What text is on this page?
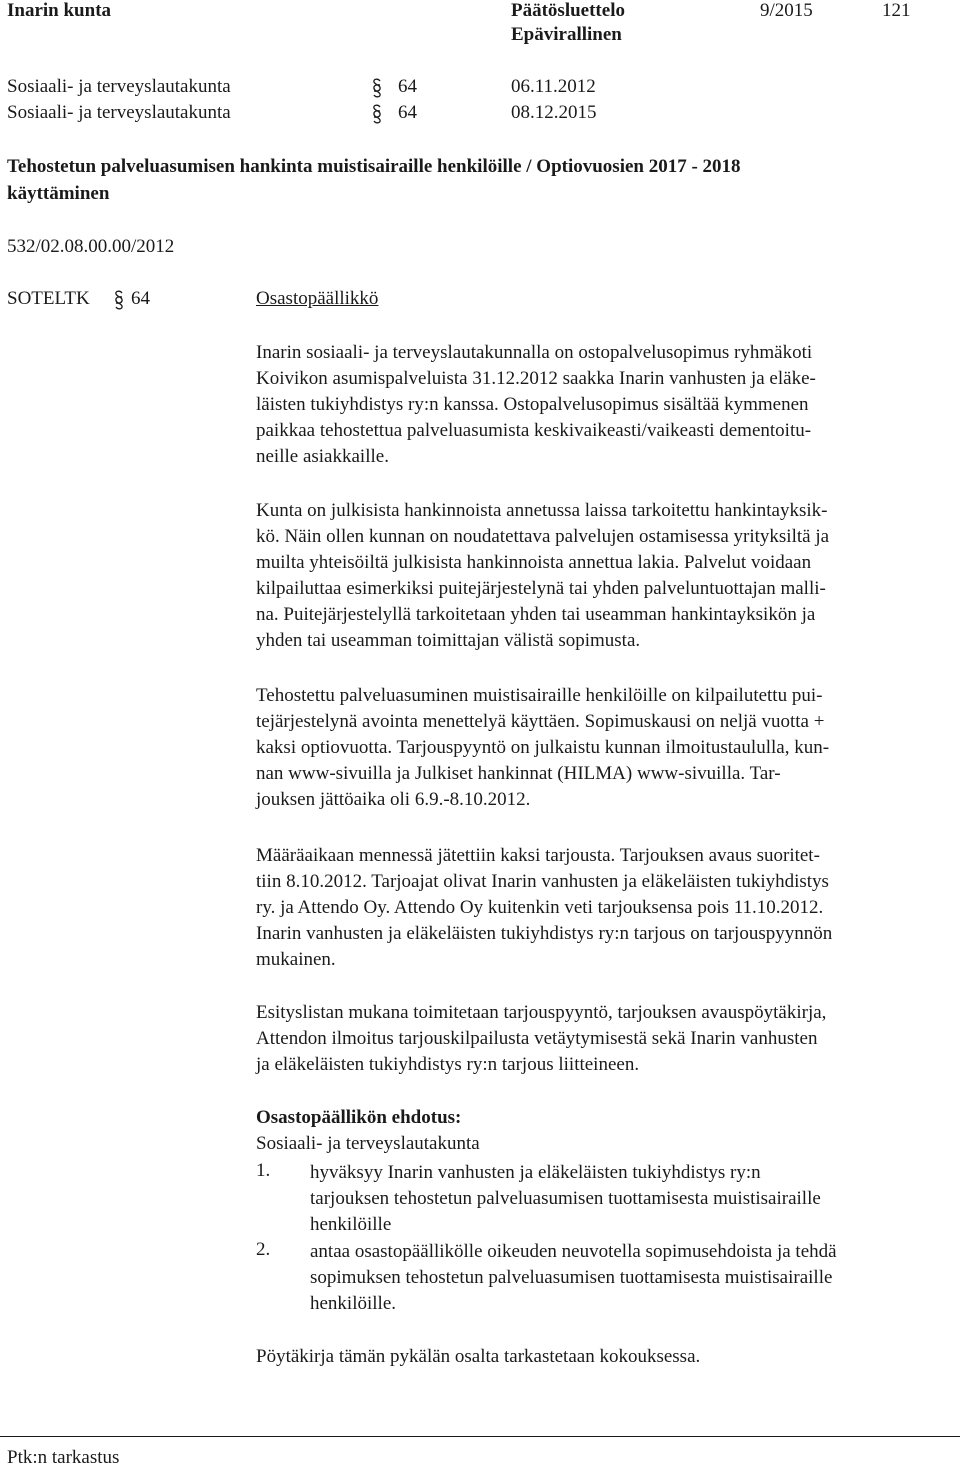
Inarin kunta	Päätösluettelo
Epävirallinen
9/2015	121
Sosiaali- ja terveyslautakunta	64	06.11.2012
Sosiaali- ja terveyslautakunta	64	08.12.2015
Tehostetun palveluasumisen hankinta muistisairaille henkilöille / Optiovuosien 2017 - 2018
käyttäminen
532/02.08.00.00/2012
SOTELTK 64	Osastopäällikkö
Inarin sosiaali- ja terveyslautakunnalla on ostopalvelusopimus ryhmäkoti
Koivikon asumispalveluista 31.12.2012 saakka Inarin vanhusten ja eläke-
läisten tukiyhdistys ry:n kanssa. Ostopalvelusopimus sisältää kymmenen
paikkaa tehostettua palveluasumista keskivaikeasti/vaikeasti dementoitu-
neille asiakkaille.
Kunta on julkisista hankinnoista annetussa laissa tarkoitettu hankintayksik-
kö. Näin ollen kunnan on noudatettava palvelujen ostamisessa yrityksiltä ja
muilta yhteisöiltä julkisista hankinnoista annettua lakia. Palvelut voidaan
kilpailuttaa esimerkiksi puitejärjestelynä tai yhden palveluntuottajan malli-
na. Puitejärjestelyllä tarkoitetaan yhden tai useamman hankintayksikön ja
yhden tai useamman toimittajan välistä sopimusta.
Tehostettu palveluasuminen muistisairaille henkilöille on kilpailutettu pui-
tejärjestelynä avointa menettelyä käyttäen. Sopimuskausi on neljä vuotta +
kaksi optiovuotta. Tarjouspyyntö on julkaistu kunnan ilmoitustaululla, kun-
nan www-sivuilla ja Julkiset hankinnat (HILMA) www-sivuilla. Tar-
jouksen jättöaika oli 6.9.-8.10.2012.
Määräaikaan mennessä jätettiin kaksi tarjousta. Tarjouksen avaus suoritet-
tiin 8.10.2012. Tarjoajat olivat Inarin vanhusten ja eläkeläisten tukiyhdistys
ry. ja Attendo Oy. Attendo Oy kuitenkin veti tarjouksensa pois 11.10.2012.
Inarin vanhusten ja eläkeläisten tukiyhdistys ry:n tarjous on tarjouspyynnön
mukainen.
Esityslistan mukana toimitetaan tarjouspyyntö, tarjouksen avauspöytäkirja,
Attendon ilmoitus tarjouskilpailusta vetäytymisestä sekä Inarin vanhusten
ja eläkeläisten tukiyhdistys ry:n tarjous liitteineen.
Osastopäällikön ehdotus:
Sosiaali- ja terveyslautakunta
1. hyväksyy Inarin vanhusten ja eläkeläisten tukiyhdistys ry:n
tarjouksen tehostetun palveluasumisen tuottamisesta muistisairaille
henkilöille
2. antaa osastopäällikölle oikeuden neuvotella sopimusehdoista ja tehdä
sopimuksen tehostetun palveluasumisen tuottamisesta muistisairaille
henkilöille.
Pöytäkirja tämän pykälän osalta tarkastetaan kokouksessa.
Ptk:n tarkastus
